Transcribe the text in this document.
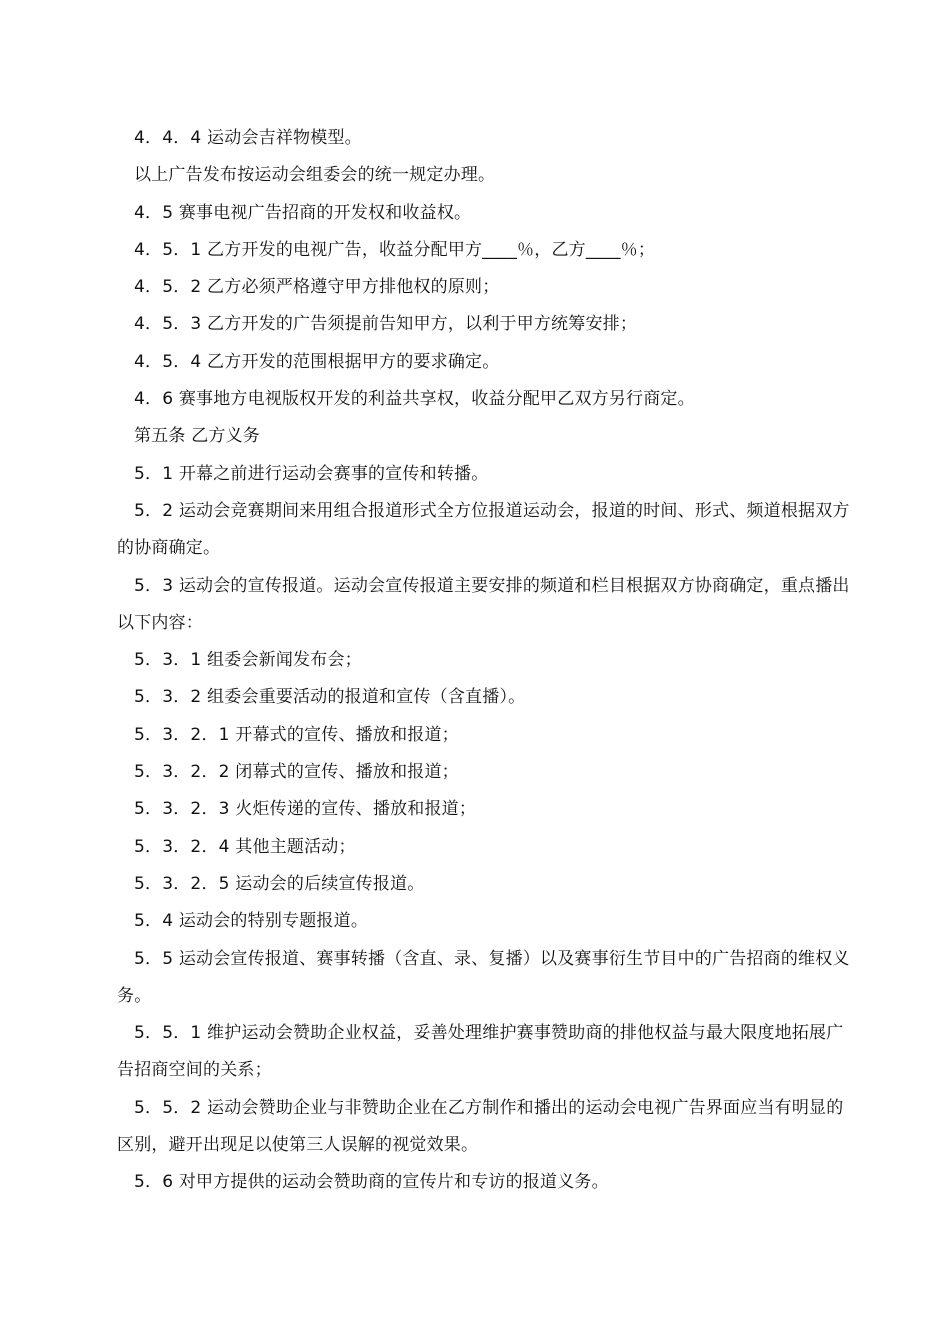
4．4．4 运动会吉祥物模型。

以上广告发布按运动会组委会的统一规定办理。

4．5 赛事电视广告招商的开发权和收益权。

4．5．1 乙方开发的电视广告，收益分配甲方____％，乙方____％；

4．5．2 乙方必须严格遵守甲方排他权的原则；

4．5．3 乙方开发的广告须提前告知甲方，以利于甲方统筹安排；

4．5．4 乙方开发的范围根据甲方的要求确定。

4．6 赛事地方电视版权开发的利益共享权，收益分配甲乙双方另行商定。

第五条 乙方义务

5．1 开幕之前进行运动会赛事的宣传和转播。

5．2 运动会竞赛期间来用组合报道形式全方位报道运动会，报道的时间、形式、频道根据双方的协商确定。

5．3 运动会的宣传报道。运动会宣传报道主要安排的频道和栏目根据双方协商确定，重点播出以下内容：

5．3．1 组委会新闻发布会；

5．3．2 组委会重要活动的报道和宣传（含直播）。

5．3．2．1 开幕式的宣传、播放和报道；

5．3．2．2 闭幕式的宣传、播放和报道；

5．3．2．3 火炬传递的宣传、播放和报道；

5．3．2．4 其他主题活动；

5．3．2．5 运动会的后续宣传报道。

5．4 运动会的特别专题报道。

5．5 运动会宣传报道、赛事转播（含直、录、复播）以及赛事衍生节目中的广告招商的维权义务。

5．5．1 维护运动会赞助企业权益，妥善处理维护赛事赞助商的排他权益与最大限度地拓展广告招商空间的关系；

5．5．2 运动会赞助企业与非赞助企业在乙方制作和播出的运动会电视广告界面应当有明显的区别，避开出现足以使第三人误解的视觉效果。

5．6 对甲方提供的运动会赞助商的宣传片和专访的报道义务。
